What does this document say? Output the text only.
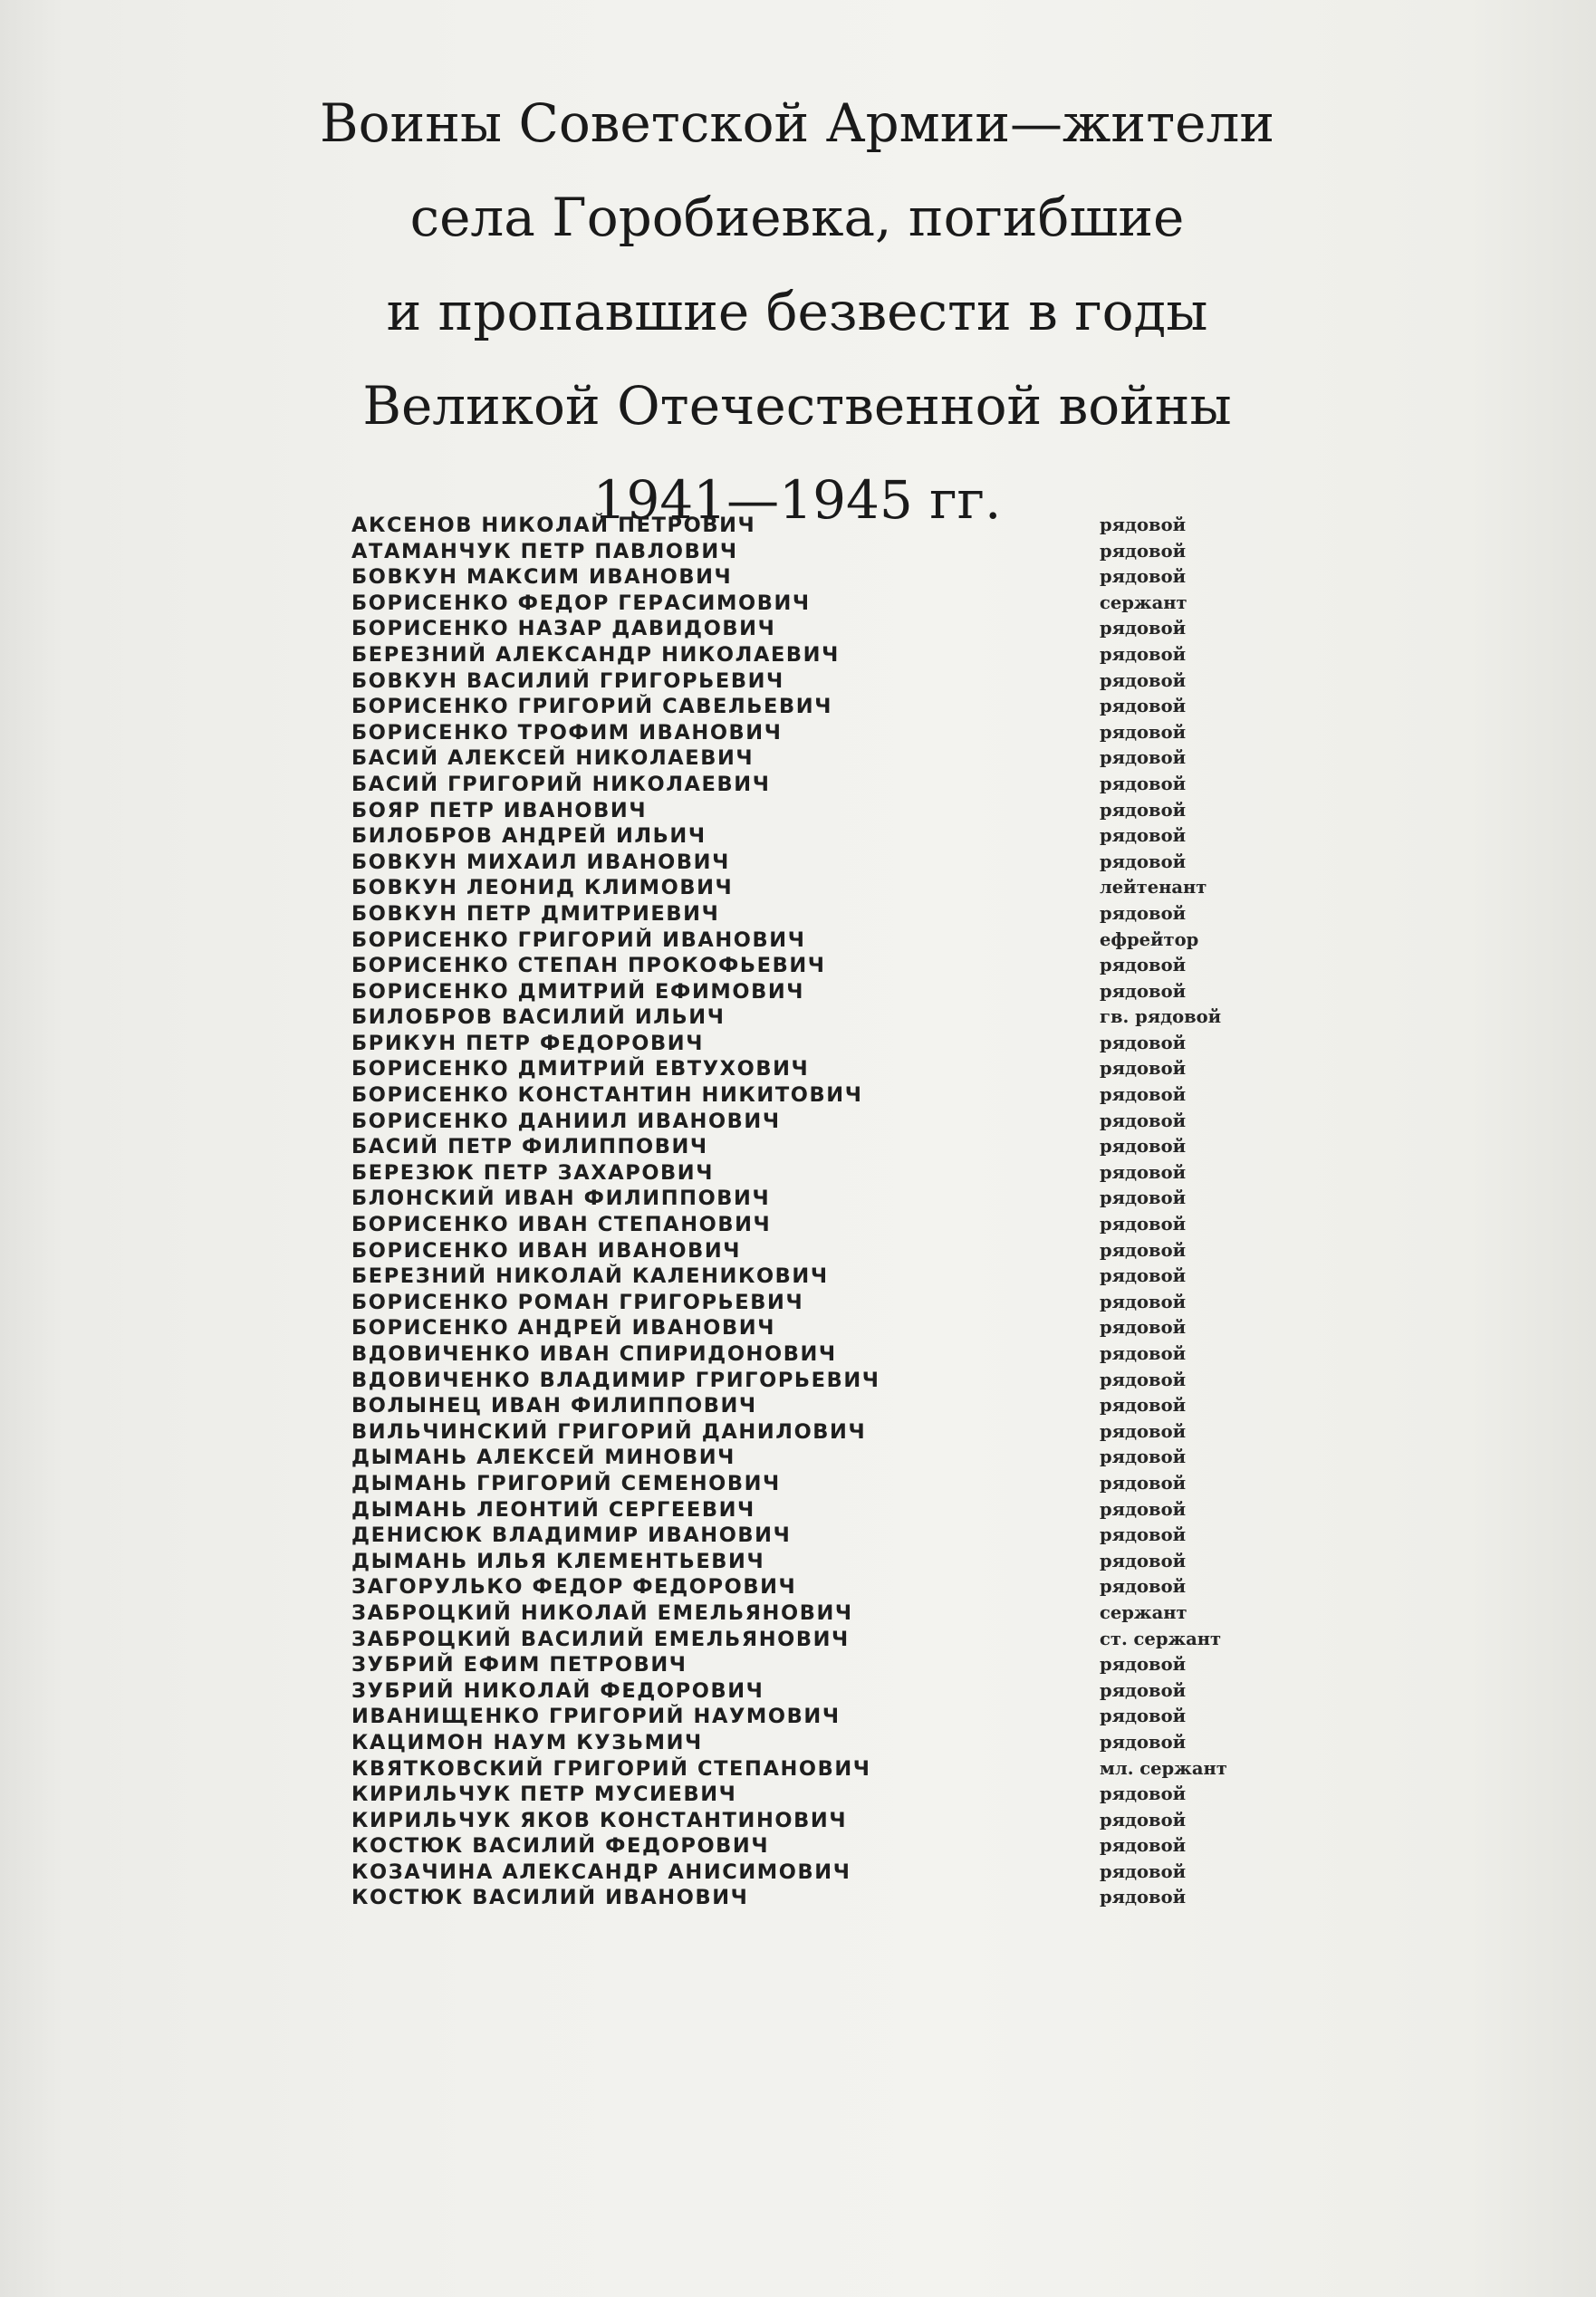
Воины Советской Армии—жители
села Горобиевка, погибшие
и пропавшие безвести в годы
Великой Отечественной войны
1941—1945 гг.
АКСЕНОВ НИКОЛАЙ ПЕТРОВИЧ	рядовой
АТАМАНЧУК ПЕТР ПАВЛОВИЧ	рядовой
БОВКУН МАКСИМ ИВАНОВИЧ	рядовой
БОРИСЕНКО ФЕДОР ГЕРАСИМОВИЧ	сержант
БОРИСЕНКО НАЗАР ДАВИДОВИЧ	рядовой
БЕРЕЗНИЙ АЛЕКСАНДР НИКОЛАЕВИЧ	рядовой
БОВКУН ВАСИЛИЙ ГРИГОРЬЕВИЧ	рядовой
БОРИСЕНКО ГРИГОРИЙ САВЕЛЬЕВИЧ	рядовой
БОРИСЕНКО ТРОФИМ ИВАНОВИЧ	рядовой
БАСИЙ АЛЕКСЕЙ НИКОЛАЕВИЧ	рядовой
БАСИЙ ГРИГОРИЙ НИКОЛАЕВИЧ	рядовой
БОЯР ПЕТР ИВАНОВИЧ	рядовой
БИЛОБРОВ АНДРЕЙ ИЛЬИЧ	рядовой
БОВКУН МИХАИЛ ИВАНОВИЧ	рядовой
БОВКУН ЛЕОНИД КЛИМОВИЧ	лейтенант
БОВКУН ПЕТР ДМИТРИЕВИЧ	рядовой
БОРИСЕНКО ГРИГОРИЙ ИВАНОВИЧ	ефрейтор
БОРИСЕНКО СТЕПАН ПРОКОФЬЕВИЧ	рядовой
БОРИСЕНКО ДМИТРИЙ ЕФИМОВИЧ	рядовой
БИЛОБРОВ ВАСИЛИЙ ИЛЬИЧ	гв. рядовой
БРИКУН ПЕТР ФЕДОРОВИЧ	рядовой
БОРИСЕНКО ДМИТРИЙ ЕВТУХОВИЧ	рядовой
БОРИСЕНКО КОНСТАНТИН НИКИТОВИЧ	рядовой
БОРИСЕНКО ДАНИИЛ ИВАНОВИЧ	рядовой
БАСИЙ ПЕТР ФИЛИППОВИЧ	рядовой
БЕРЕЗЮК ПЕТР ЗАХАРОВИЧ	рядовой
БЛОНСКИЙ ИВАН ФИЛИППОВИЧ	рядовой
БОРИСЕНКО ИВАН СТЕПАНОВИЧ	рядовой
БОРИСЕНКО ИВАН ИВАНОВИЧ	рядовой
БЕРЕЗНИЙ НИКОЛАЙ КАЛЕНИКОВИЧ	рядовой
БОРИСЕНКО РОМАН ГРИГОРЬЕВИЧ	рядовой
БОРИСЕНКО АНДРЕЙ ИВАНОВИЧ	рядовой
ВДОВИЧЕНКО ИВАН СПИРИДОНОВИЧ	рядовой
ВДОВИЧЕНКО ВЛАДИМИР ГРИГОРЬЕВИЧ	рядовой
ВОЛЫНЕЦ ИВАН ФИЛИППОВИЧ	рядовой
ВИЛЬЧИНСКИЙ ГРИГОРИЙ ДАНИЛОВИЧ	рядовой
ДЫМАНЬ АЛЕКСЕЙ МИНОВИЧ	рядовой
ДЫМАНЬ ГРИГОРИЙ СЕМЕНОВИЧ	рядовой
ДЫМАНЬ ЛЕОНТИЙ СЕРГЕЕВИЧ	рядовой
ДЕНИСЮК ВЛАДИМИР ИВАНОВИЧ	рядовой
ДЫМАНЬ ИЛЬЯ КЛЕМЕНТЬЕВИЧ	рядовой
ЗАГОРУЛЬКО ФЕДОР ФЕДОРОВИЧ	рядовой
ЗАБРОЦКИЙ НИКОЛАЙ ЕМЕЛЬЯНОВИЧ	сержант
ЗАБРОЦКИЙ ВАСИЛИЙ ЕМЕЛЬЯНОВИЧ	ст. сержант
ЗУБРИЙ ЕФИМ ПЕТРОВИЧ	рядовой
ЗУБРИЙ НИКОЛАЙ ФЕДОРОВИЧ	рядовой
ИВАНИЩЕНКО ГРИГОРИЙ НАУМОВИЧ	рядовой
КАЦИМОН НАУМ КУЗЬМИЧ	рядовой
КВЯТКОВСКИЙ ГРИГОРИЙ СТЕПАНОВИЧ	мл. сержант
КИРИЛЬЧУК ПЕТР МУСИЕВИЧ	рядовой
КИРИЛЬЧУК ЯКОВ КОНСТАНТИНОВИЧ	рядовой
КОСТЮК ВАСИЛИЙ ФЕДОРОВИЧ	рядовой
КОЗАЧИНА АЛЕКСАНДР АНИСИМОВИЧ	рядовой
КОСТЮК ВАСИЛИЙ ИВАНОВИЧ	рядовой
